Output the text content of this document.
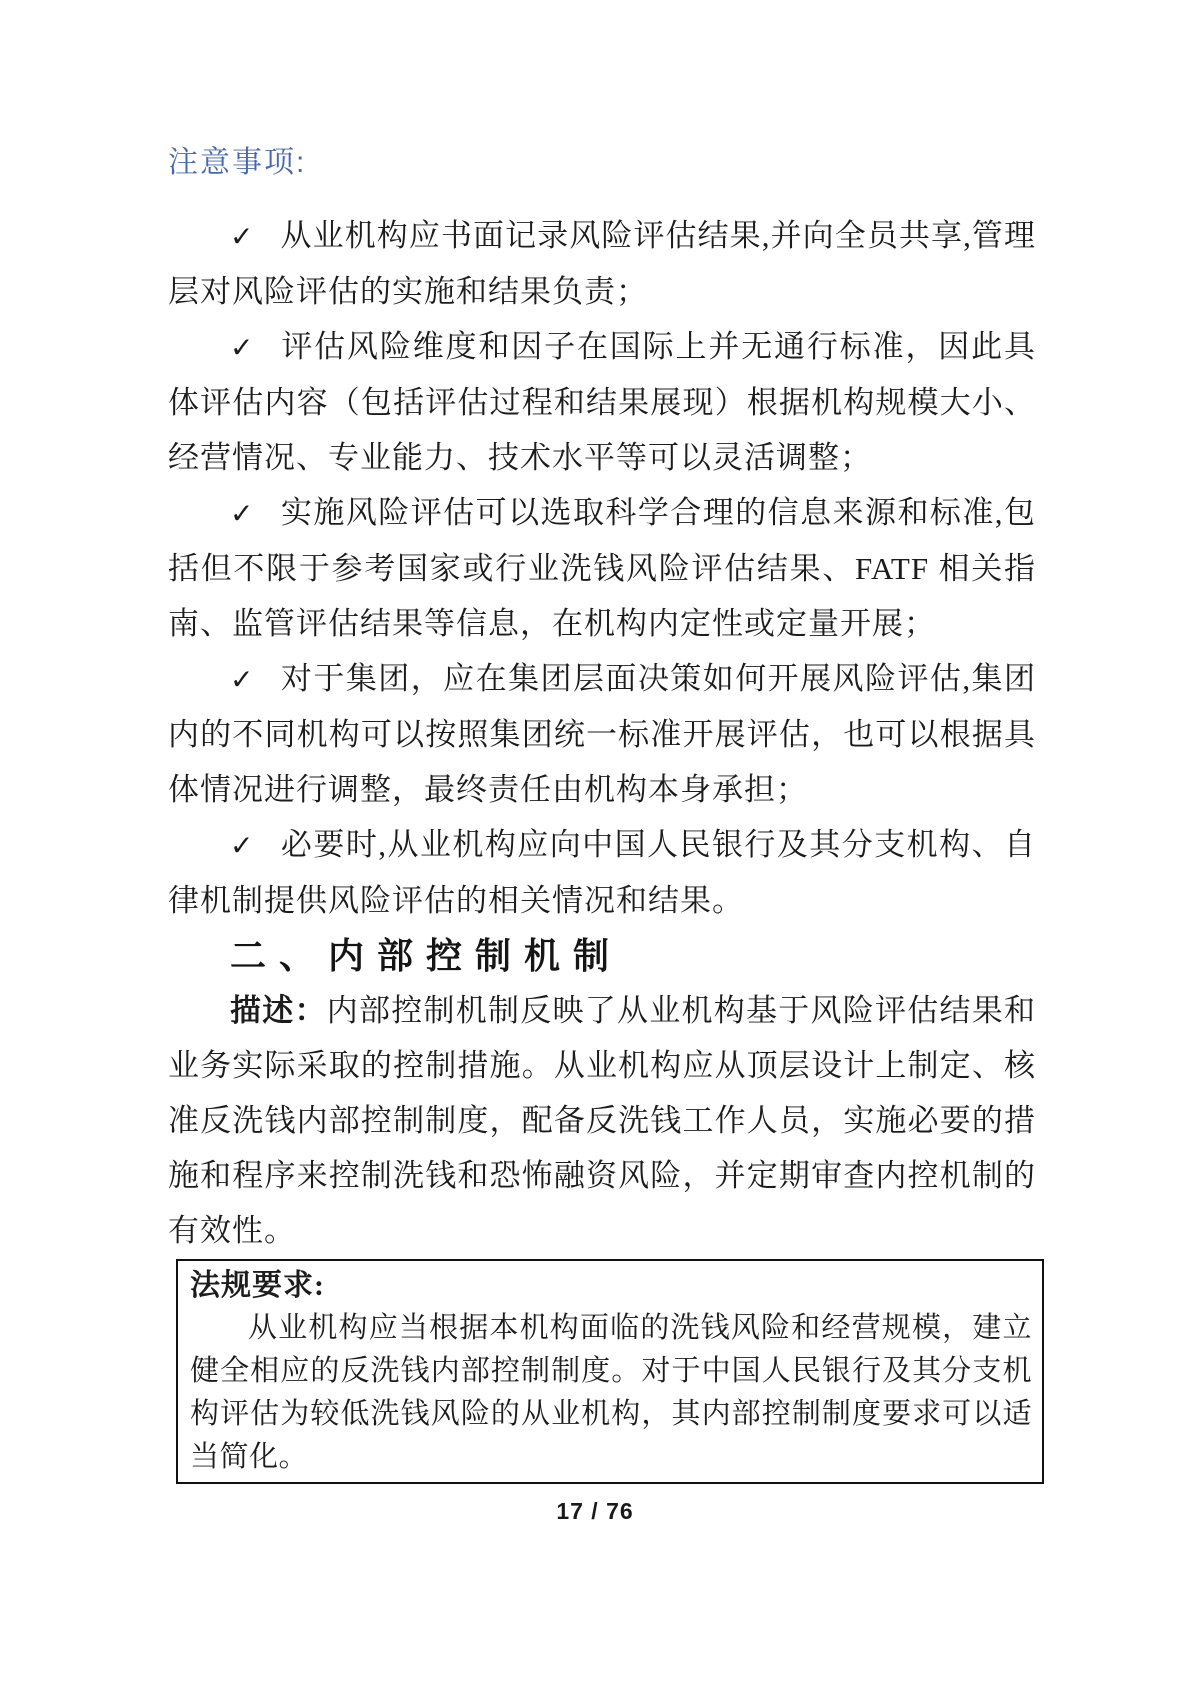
注意事项:

✓ 从业机构应书面记录风险评估结果,并向全员共享,管理层对风险评估的实施和结果负责；

✓ 评估风险维度和因子在国际上并无通行标准，因此具体评估内容（包括评估过程和结果展现）根据机构规模大小、经营情况、专业能力、技术水平等可以灵活调整；

✓ 实施风险评估可以选取科学合理的信息来源和标准,包括但不限于参考国家或行业洗钱风险评估结果、FATF 相关指南、监管评估结果等信息，在机构内定性或定量开展；

✓ 对于集团，应在集团层面决策如何开展风险评估,集团内的不同机构可以按照集团统一标准开展评估，也可以根据具体情况进行调整，最终责任由机构本身承担；

✓ 必要时,从业机构应向中国人民银行及其分支机构、自律机制提供风险评估的相关情况和结果。

二、内部控制机制

描述：内部控制机制反映了从业机构基于风险评估结果和业务实际采取的控制措施。从业机构应从顶层设计上制定、核准反洗钱内部控制制度，配备反洗钱工作人员，实施必要的措施和程序来控制洗钱和恐怖融资风险，并定期审查内控机制的有效性。

法规要求:

从业机构应当根据本机构面临的洗钱风险和经营规模，建立健全相应的反洗钱内部控制制度。对于中国人民银行及其分支机构评估为较低洗钱风险的从业机构，其内部控制制度要求可以适当简化。

17 / 76
